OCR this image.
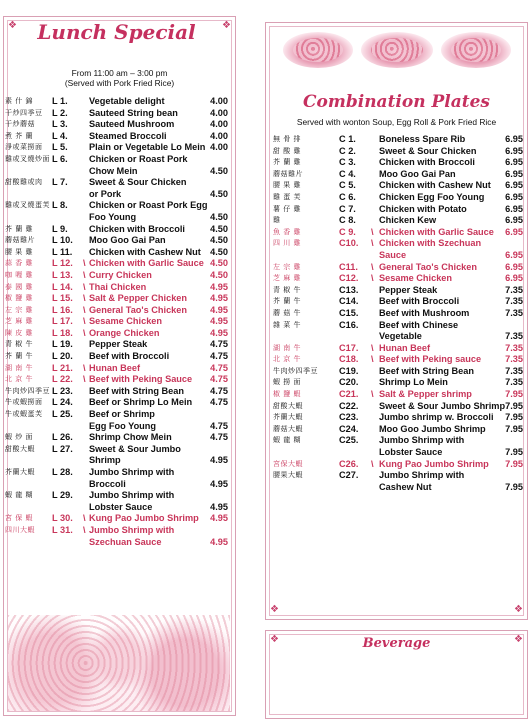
❖	❖
❖	❖
❖	❖
Lunch Special
From 11:00 am – 3:00 pm
(Served with Pork Fried Rice)
素 什 錦 L 1. Vegetable delight	4.00

干炒四季豆 L 2. Sauteed String bean	4.00

干炒蘑菇 L 3. Sauteed Mushroom	4.00

煮 芥 蘭 L 4. Steamed Broccoli	4.00

淨或菜撈面 L 5. Plain or Vegetable Lo Mein 4.00

雞或叉燒炒面 L 6. Chicken or Roast Pork

Chow Mein	4.50
甜酸雞或肉 L 7. Sweet & Sour Chicken

or Pork	4.50
雞或叉燒蛋芙 L 8. Chicken or Roast Pork Egg

Foo Young	4.50
芥 蘭 雞 L 9. Chicken with Broccoli	4.50

蘑菇雞片 L 10. Moo Goo Gai Pan	4.50

腰 果 雞 L 11. Chicken with Cashew Nut 4.50

蒜 香 雞 L 12. \ Chicken with Garlic Sauce 4.50

咖 喱 雞 L 13. \ Curry Chicken	4.50

泰 國 雞 L 14. \ Thai Chicken	4.95

椒 鹽 雞 L 15. \ Salt & Pepper Chicken	4.95

左 宗 雞 L 16. \ General Tao's Chicken	4.95

芝 麻 雞 L 17. \ Sesame Chicken	4.95

陳 皮 雞 L 18. \ Orange Chicken	4.95

青 椒 牛 L 19. Pepper Steak	4.75

芥 蘭 牛 L 20. Beef with Broccoli	4.75

湖 南 牛 L 21. \ Hunan Beef	4.75

北 京 牛 L 22. \ Beef with Peking Sauce 4.75

牛肉炒四季豆 L 23. Beef with String Bean	4.75

牛或蝦撈面 L 24. Beef or Shrimp Lo Mein 4.75

牛或蝦蛋芙 L 25. Beef or Shrimp

Egg Foo Young	4.75
蝦 炒 面 L 26. Shrimp Chow Mein	4.75

甜酸大蝦 L 27. Sweet & Sour Jumbo

Shrimp	4.95
芥蘭大蝦 L 28. Jumbo Shrimp with

Broccoli	4.95
蝦 龍 糊 L 29. Jumbo Shrimp with

Lobster Sauce	4.95
宮 保 蝦 L 30. \ Kung Pao Jumbo Shrimp 4.95

四川大蝦 L 31. \ Jumbo Shrimp with

Szechuan Sauce	4.95
Combination Plates
Served with wonton Soup, Egg Roll & Pork Fried Rice
無 骨 排	C 1.	Boneless Spare Rib	6.95

甜 酸 雞	C 2.	Sweet & Sour Chicken	6.95

芥 蘭 雞	C 3.	Chicken with Broccoli	6.95

蘑菇雞片	C 4.	Moo Goo Gai Pan	6.95

腰 果 雞	C 5.	Chicken with Cashew Nut 6.95

雞 蛋 芙	C 6.	Chicken Egg Foo Young 6.95

薯 仔 雞	C 7.	Chicken with Potato	6.95

雞	C 8.	Chicken Kew	6.95

魚 香 雞	C 9. \ Chicken with Garlic Sauce 6.95

四 川 雞	C10. \ Chicken with Szechuan

Sauce	6.95
左 宗 雞	C11. \ General Tao's Chicken	6.95

芝 麻 雞	C12. \ Sesame Chicken	6.95

青 椒 牛	C13. Pepper Steak	7.35

芥 蘭 牛	C14. Beef with Broccoli	7.35

蘑 菇 牛	C15. Beef with Mushroom	7.35

雜 菜 牛	C16. Beef with Chinese

Vegetable	7.35
湖 南 牛	C17. \ Hunan Beef	7.35

北 京 牛	C18. \ Beef with Peking sauce	7.35

牛肉炒四季豆 C19. Beef with String Bean	7.35

蝦 撈 面	C20. Shrimp Lo Mein	7.35

椒 鹽 蝦	C21. \ Salt & Pepper shrimp	7.95

甜酸大蝦	C22. Sweet & Sour Jumbo Shrimp 7.95

芥蘭大蝦	C23. Jumbo shrimp w. Broccoli 7.95

蘑菇大蝦	C24. Moo Goo Jumbo Shrimp 7.95

蝦 龍 糊	C25. Jumbo Shrimp with

Lobster Sauce	7.95
宮保大蝦	C26. \ Kung Pao Jumbo Shrimp 7.95

腰果大蝦	C27. Jumbo Shrimp with

Cashew Nut	7.95
Beverage
